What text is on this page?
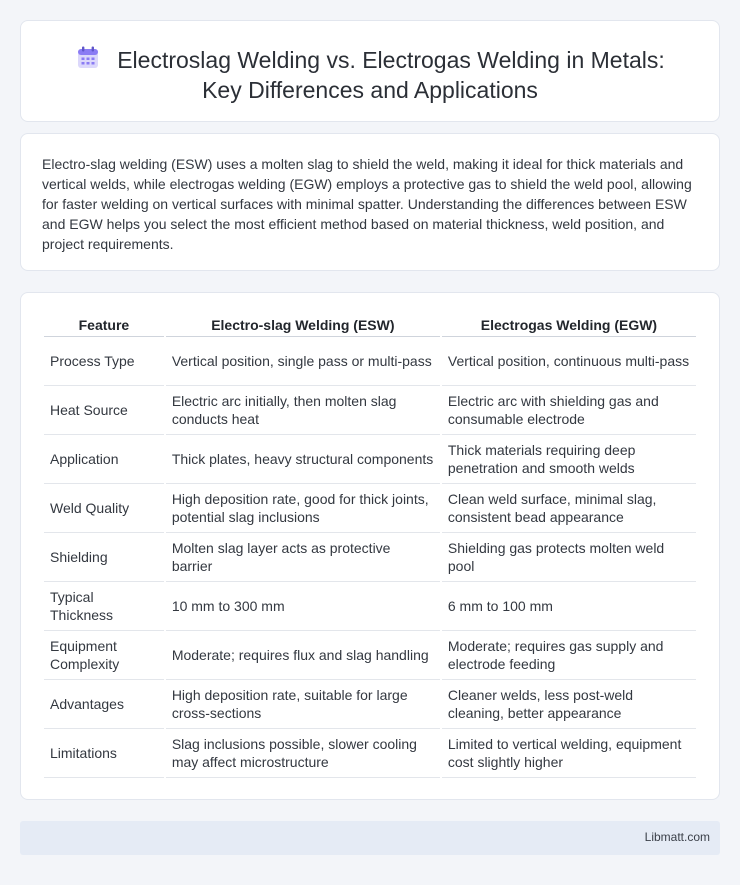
Electroslag Welding vs. Electrogas Welding in Metals:
Key Differences and Applications

Electro-slag welding (ESW) uses a molten slag to shield the weld, making it ideal for thick materials and vertical welds, while electrogas welding (EGW) employs a protective gas to shield the weld pool, allowing for faster welding on vertical surfaces with minimal spatter. Understanding the differences between ESW and EGW helps you select the most efficient method based on material thickness, weld position, and project requirements.

Feature	Electro-slag Welding (ESW)	Electrogas Welding (EGW)
Process Type	Vertical position, single pass or multi-pass	Vertical position, continuous multi-pass
Heat Source	Electric arc initially, then molten slag conducts heat	Electric arc with shielding gas and consumable electrode
Application	Thick plates, heavy structural components	Thick materials requiring deep penetration and smooth welds
Weld Quality	High deposition rate, good for thick joints, potential slag inclusions	Clean weld surface, minimal slag, consistent bead appearance
Shielding	Molten slag layer acts as protective barrier	Shielding gas protects molten weld pool
Typical Thickness	10 mm to 300 mm	6 mm to 100 mm
Equipment Complexity	Moderate; requires flux and slag handling	Moderate; requires gas supply and electrode feeding
Advantages	High deposition rate, suitable for large cross-sections	Cleaner welds, less post-weld cleaning, better appearance
Limitations	Slag inclusions possible, slower cooling may affect microstructure	Limited to vertical welding, equipment cost slightly higher
Libmatt.com
